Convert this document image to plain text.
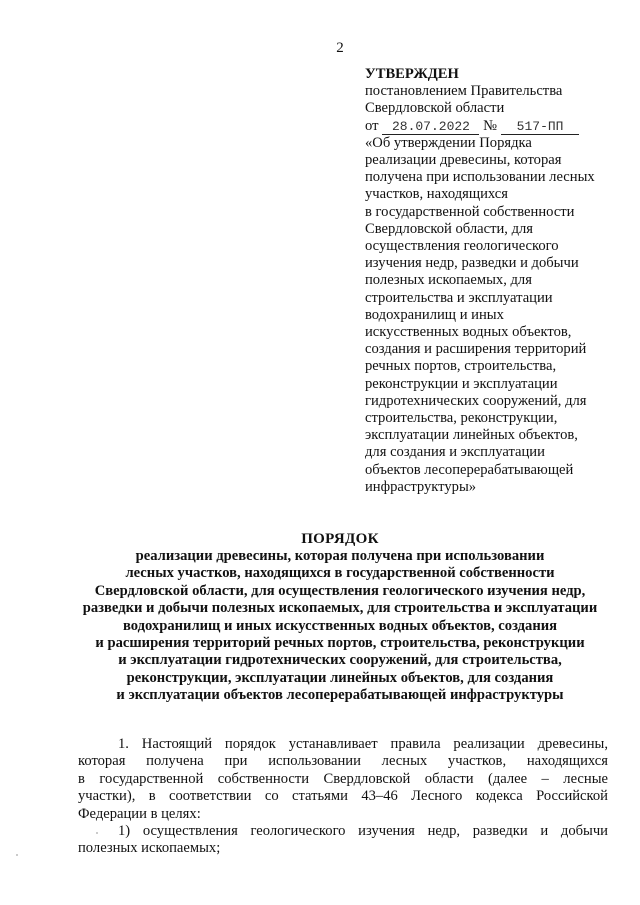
2
УТВЕРЖДЕН
постановлением Правительства
Свердловской области
от 28.07.2022 № 517-ПП
«Об утверждении Порядка
реализации древесины, которая
получена при использовании лесных
участков, находящихся
в государственной собственности
Свердловской области, для
осуществления геологического
изучения недр, разведки и добычи
полезных ископаемых, для
строительства и эксплуатации
водохранилищ и иных
искусственных водных объектов,
создания и расширения территорий
речных портов, строительства,
реконструкции и эксплуатации
гидротехнических сооружений, для
строительства, реконструкции,
эксплуатации линейных объектов,
для создания и эксплуатации
объектов лесоперерабатывающей
инфраструктуры»
ПОРЯДОК
реализации древесины, которая получена при использовании
лесных участков, находящихся в государственной собственности
Свердловской области, для осуществления геологического изучения недр,
разведки и добычи полезных ископаемых, для строительства и эксплуатации
водохранилищ и иных искусственных водных объектов, создания
и расширения территорий речных портов, строительства, реконструкции
и эксплуатации гидротехнических сооружений, для строительства,
реконструкции, эксплуатации линейных объектов, для создания
и эксплуатации объектов лесоперерабатывающей инфраструктуры
1. Настоящий порядок устанавливает правила реализации древесины,
которая получена при использовании лесных участков, находящихся
в государственной собственности Свердловской области (далее – лесные
участки), в соответствии со статьями 43–46 Лесного кодекса Российской
Федерации в целях:
1) осуществления геологического изучения недр, разведки и добычи
полезных ископаемых;
